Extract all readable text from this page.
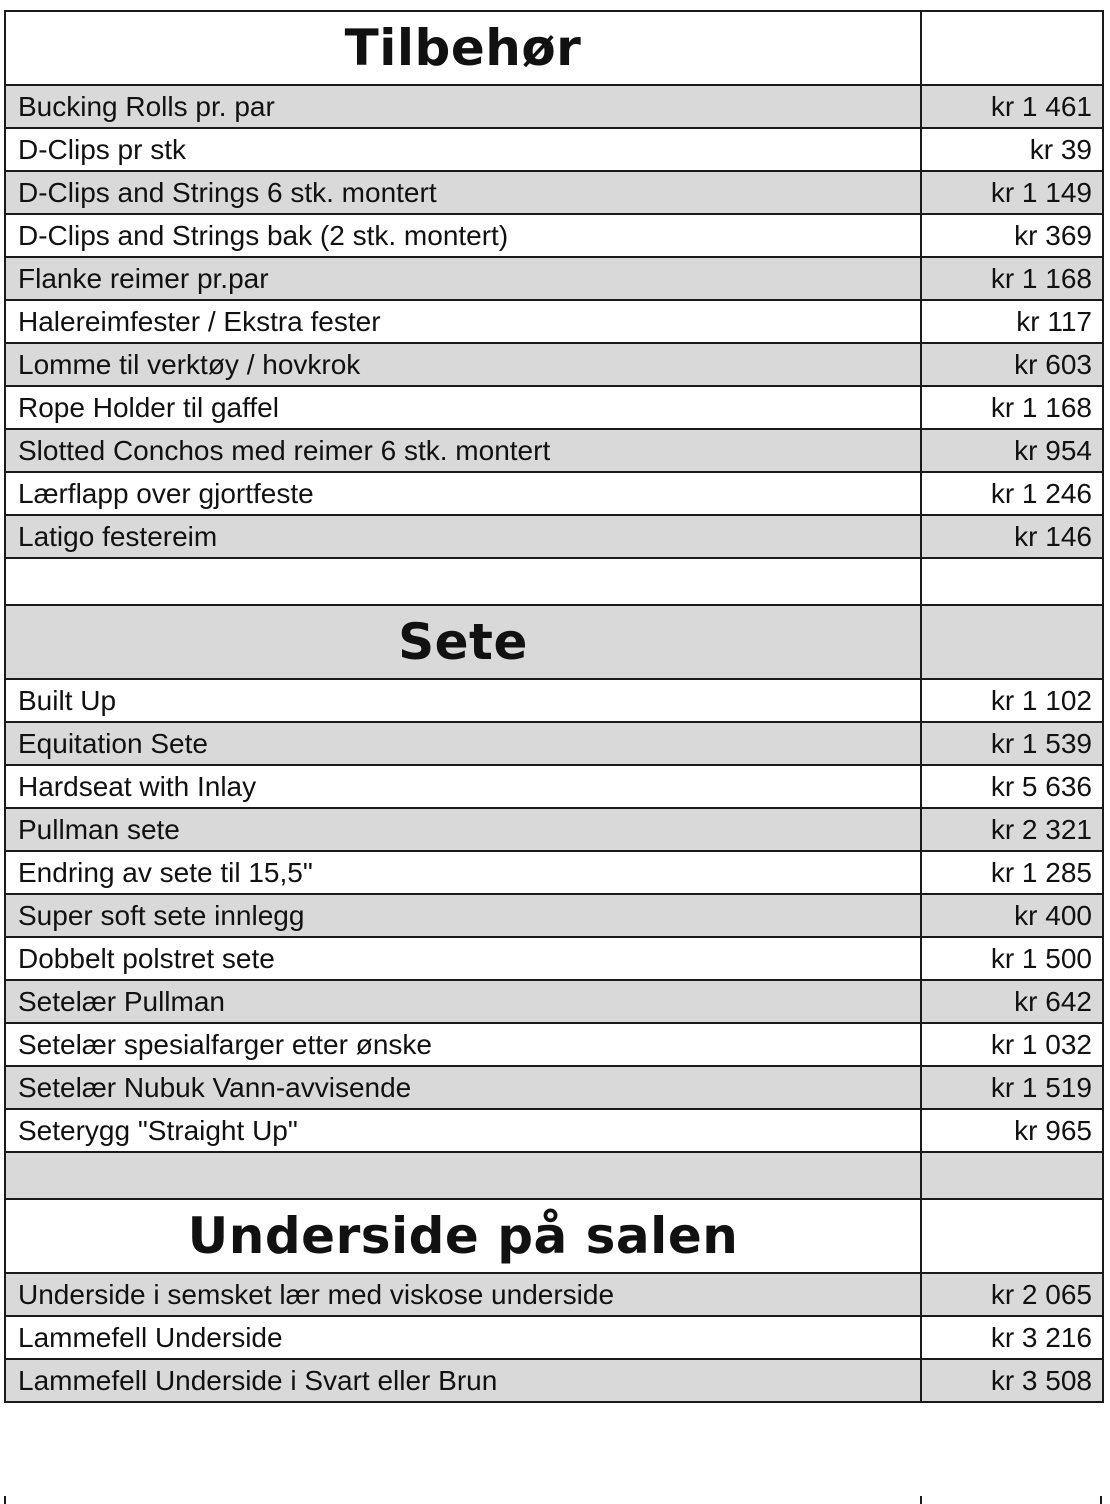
Tilbehør	
Bucking Rolls pr. par	kr 1 461
D-Clips pr stk	kr 39
D-Clips and Strings 6 stk. montert	kr 1 149
D-Clips and Strings bak (2 stk. montert)	kr 369
Flanke reimer pr.par	kr 1 168
Halereimfester / Ekstra fester	kr 117
Lomme til verktøy / hovkrok	kr 603
Rope Holder til gaffel	kr 1 168
Slotted Conchos med reimer 6 stk. montert	kr 954
Lærflapp over gjortfeste	kr 1 246
Latigo festereim	kr 146

Sete	
Built Up	kr 1 102
Equitation Sete	kr 1 539
Hardseat with Inlay	kr 5 636
Pullman sete	kr 2 321
Endring av sete til 15,5"	kr 1 285
Super soft sete innlegg	kr 400
Dobbelt polstret sete	kr 1 500
Setelær Pullman	kr 642
Setelær spesialfarger etter ønske	kr 1 032
Setelær Nubuk Vann-avvisende	kr 1 519
Seterygg "Straight Up"	kr 965

Underside på salen	
Underside i semsket lær med viskose underside	kr 2 065
Lammefell Underside	kr 3 216
Lammefell Underside i Svart eller Brun	kr 3 508
